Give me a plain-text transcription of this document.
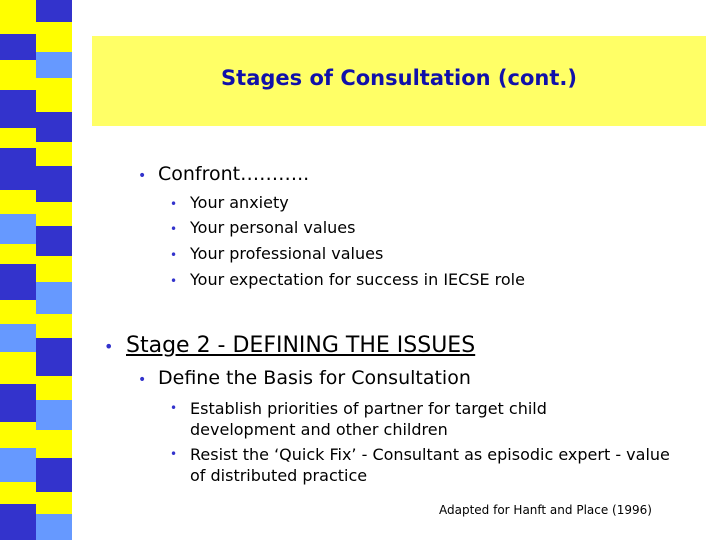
Stages of Consultation (cont.)
• Confront………..
• Your anxiety
• Your personal values
• Your professional values
• Your expectation for success in IECSE role
• Stage 2 - DEFINING THE ISSUES
• Define the Basis for Consultation
• Establish priorities of partner for target child development and other children
• Resist the ‘Quick Fix’ - Consultant as episodic expert - value of distributed practice
Adapted for Hanft and Place (1996)
